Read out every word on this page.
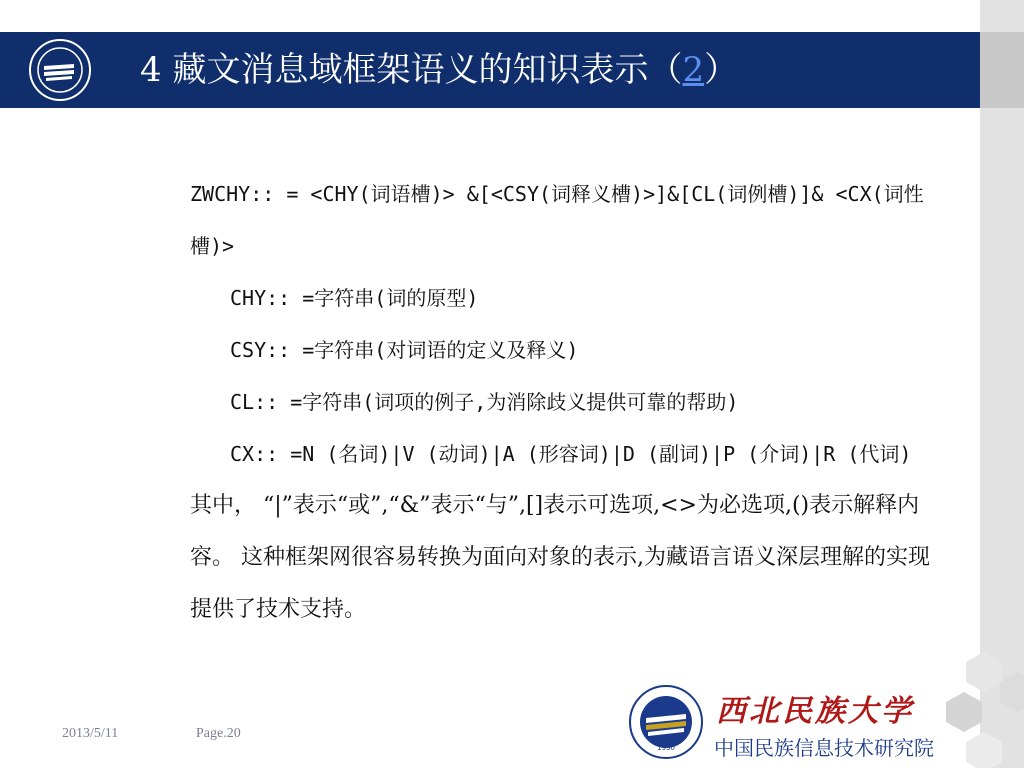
4 藏文消息域框架语义的知识表示（2）

ZWCHY:: = <CHY(词语槽)> &[<CSY(词释义槽)>]&[CL(词例槽)]& <CX(词性槽)>

CHY:: =字符串(词的原型)

CSY:: =字符串(对词语的定义及释义)

CL:: =字符串(词项的例子,为消除歧义提供可靠的帮助)

CX:: =N (名词)|V (动词)|A (形容词)|D (副词)|P (介词)|R (代词)

其中， “|”表示“或”,“&”表示“与”,[]表示可选项,<>为必选项,()表示解释内容。 这种框架网很容易转换为面向对象的表示,为藏语言语义深层理解的实现提供了技术支持。

2013/5/11	Page.20
1950
西北民族大学
中国民族信息技术研究院
